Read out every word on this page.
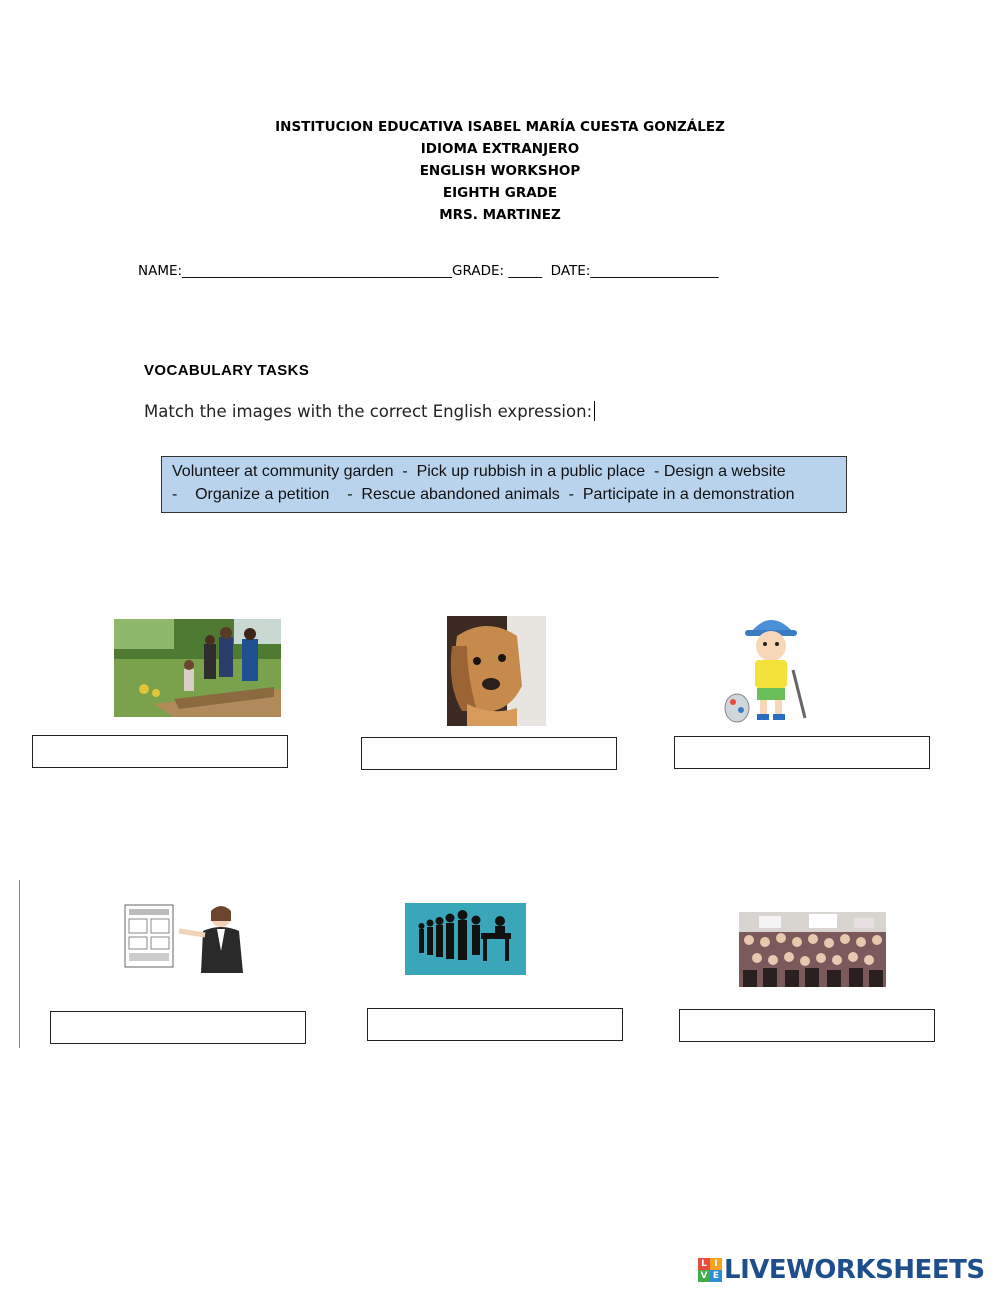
INSTITUCION EDUCATIVA ISABEL MARÍA CUESTA GONZÁLEZ
IDIOMA EXTRANJERO
ENGLISH WORKSHOP
EIGHTH GRADE
MRS. MARTINEZ
NAME:________________________________________GRADE: _____  DATE:___________________
VOCABULARY TASKS
Match the images with the correct English expression:
Volunteer at community garden  -  Pick up rubbish in a public place  - Design a website
-    Organize a petition    -  Rescue abandoned animals  -  Participate in a demonstration
L I
V E LIVEWORKSHEETS
